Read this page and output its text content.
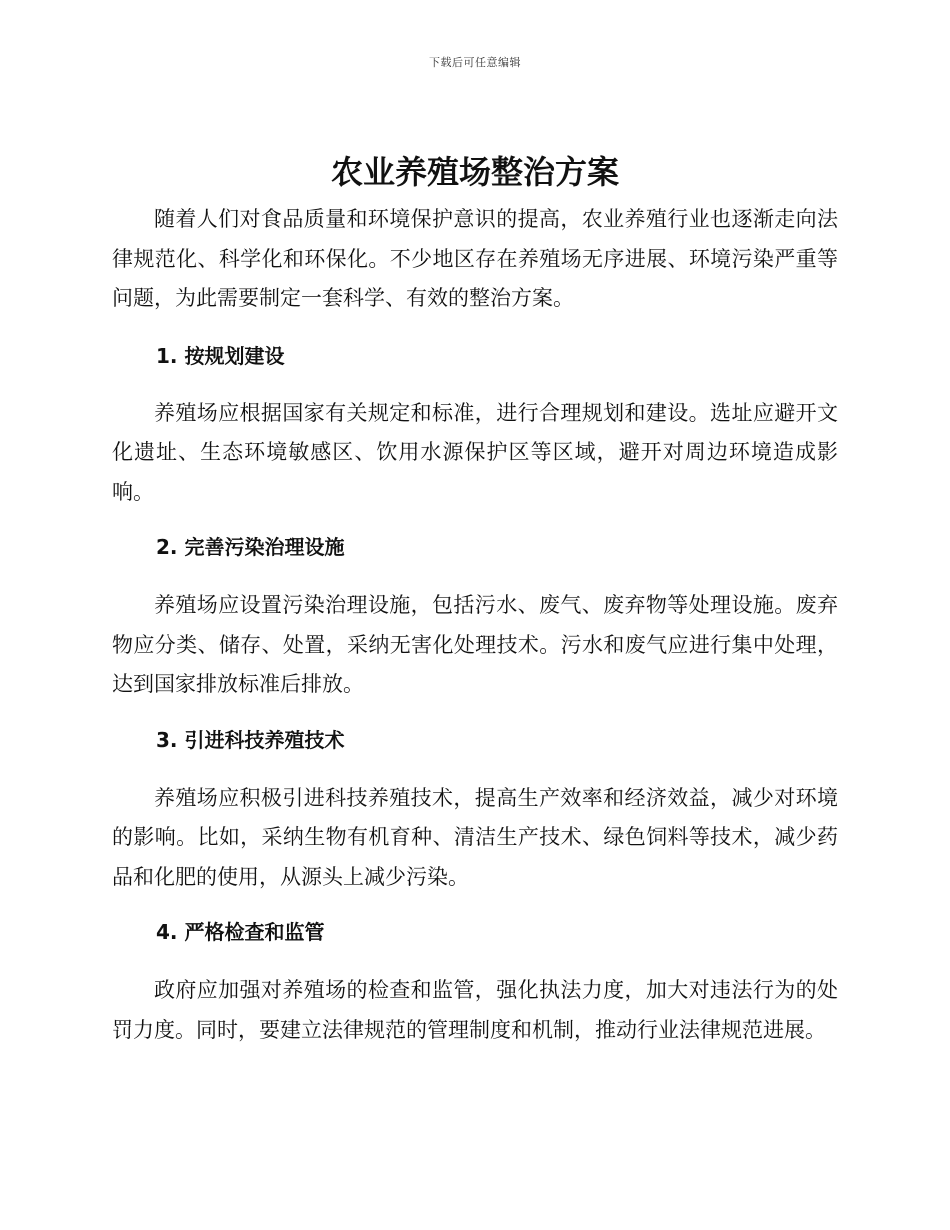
下载后可任意编辑
农业养殖场整治方案

随着人们对食品质量和环境保护意识的提高，农业养殖行业也逐渐走向法律规范化、科学化和环保化。不少地区存在养殖场无序进展、环境污染严重等问题，为此需要制定一套科学、有效的整治方案。

1. 按规划建设

养殖场应根据国家有关规定和标准，进行合理规划和建设。选址应避开文化遗址、生态环境敏感区、饮用水源保护区等区域，避开对周边环境造成影响。

2. 完善污染治理设施

养殖场应设置污染治理设施，包括污水、废气、废弃物等处理设施。废弃物应分类、储存、处置，采纳无害化处理技术。污水和废气应进行集中处理，达到国家排放标准后排放。

3. 引进科技养殖技术

养殖场应积极引进科技养殖技术，提高生产效率和经济效益，减少对环境的影响。比如，采纳生物有机育种、清洁生产技术、绿色饲料等技术，减少药品和化肥的使用，从源头上减少污染。

4. 严格检查和监管

政府应加强对养殖场的检查和监管，强化执法力度，加大对违法行为的处罚力度。同时，要建立法律规范的管理制度和机制，推动行业法律规范进展。
